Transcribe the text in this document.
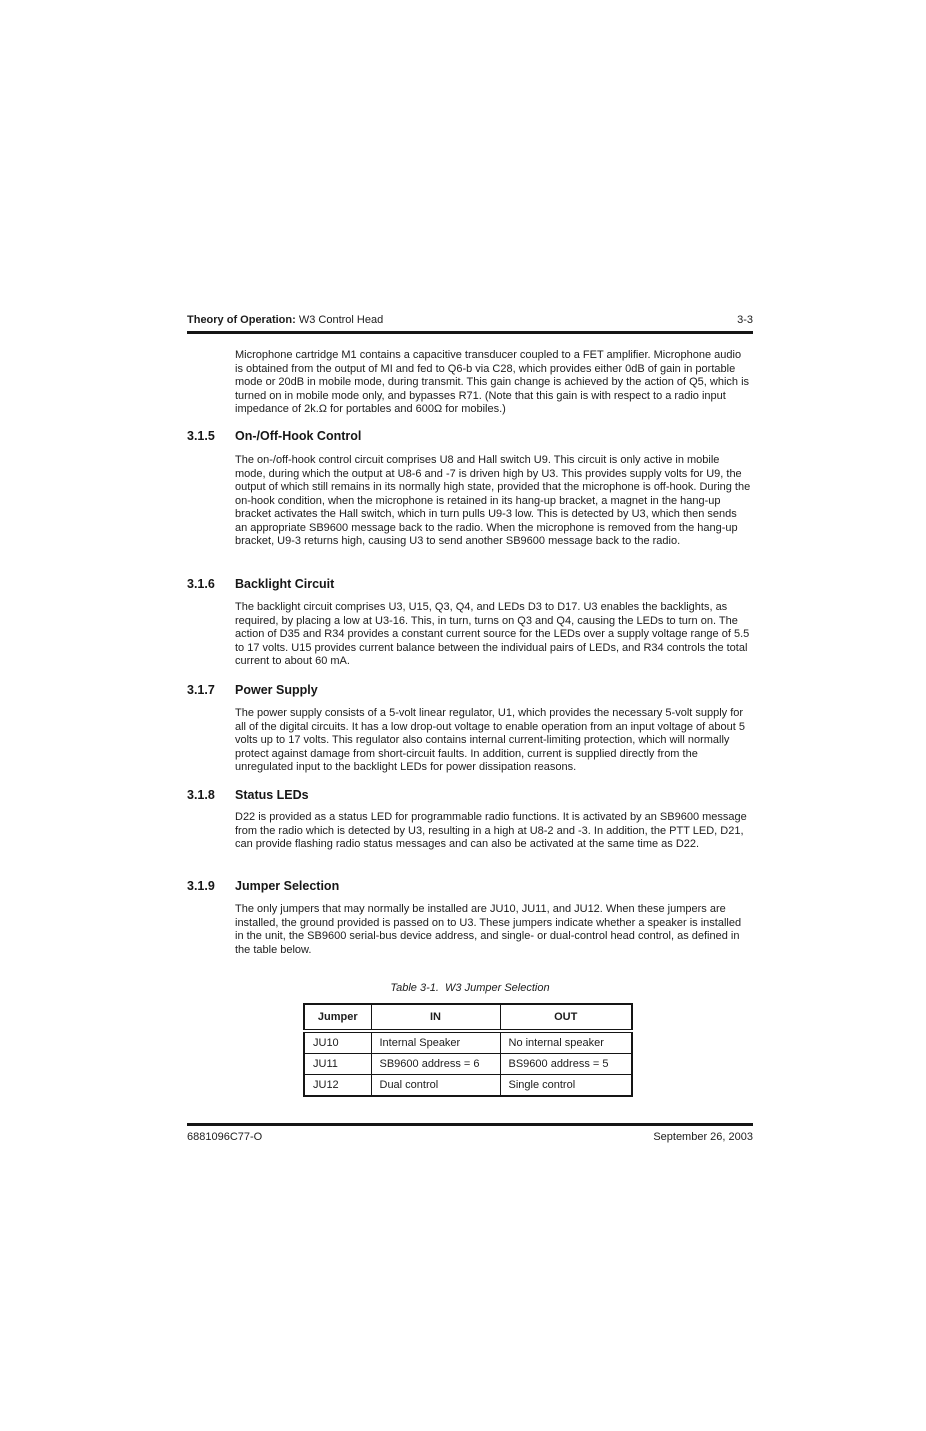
Theory of Operation: W3 Control Head	3-3

Microphone cartridge M1 contains a capacitive transducer coupled to a FET amplifier. Microphone audio is obtained from the output of MI and fed to Q6-b via C28, which provides either 0dB of gain in portable mode or 20dB in mobile mode, during transmit. This gain change is achieved by the action of Q5, which is turned on in mobile mode only, and bypasses R71. (Note that this gain is with respect to a radio input impedance of 2k.Ω for portables and 600Ω for mobiles.)

3.1.5 On-/Off-Hook Control

The on-/off-hook control circuit comprises U8 and Hall switch U9. This circuit is only active in mobile mode, during which the output at U8-6 and -7 is driven high by U3. This provides supply volts for U9, the output of which still remains in its normally high state, provided that the microphone is off-hook. During the on-hook condition, when the microphone is retained in its hang-up bracket, a magnet in the hang-up bracket activates the Hall switch, which in turn pulls U9-3 low. This is detected by U3, which then sends an appropriate SB9600 message back to the radio. When the microphone is removed from the hang-up bracket, U9-3 returns high, causing U3 to send another SB9600 message back to the radio.

3.1.6 Backlight Circuit

The backlight circuit comprises U3, U15, Q3, Q4, and LEDs D3 to D17. U3 enables the backlights, as required, by placing a low at U3-16. This, in turn, turns on Q3 and Q4, causing the LEDs to turn on. The action of D35 and R34 provides a constant current source for the LEDs over a supply voltage range of 5.5 to 17 volts. U15 provides current balance between the individual pairs of LEDs, and R34 controls the total current to about 60 mA.

3.1.7 Power Supply

The power supply consists of a 5-volt linear regulator, U1, which provides the necessary 5-volt supply for all of the digital circuits. It has a low drop-out voltage to enable operation from an input voltage of about 5 volts up to 17 volts. This regulator also contains internal current-limiting protection, which will normally protect against damage from short-circuit faults. In addition, current is supplied directly from the unregulated input to the backlight LEDs for power dissipation reasons.

3.1.8 Status LEDs

D22 is provided as a status LED for programmable radio functions. It is activated by an SB9600 message from the radio which is detected by U3, resulting in a high at U8-2 and -3. In addition, the PTT LED, D21, can provide flashing radio status messages and can also be activated at the same time as D22.

3.1.9 Jumper Selection

The only jumpers that may normally be installed are JU10, JU11, and JU12. When these jumpers are installed, the ground provided is passed on to U3. These jumpers indicate whether a speaker is installed in the unit, the SB9600 serial-bus device address, and single- or dual-control head control, as defined in the table below.

Table 3-1.  W3 Jumper Selection
Jumper	IN	OUT
JU10	Internal Speaker	No internal speaker
JU11	SB9600 address = 6	BS9600 address = 5
JU12	Dual control	Single control
6881096C77-O	September 26, 2003
